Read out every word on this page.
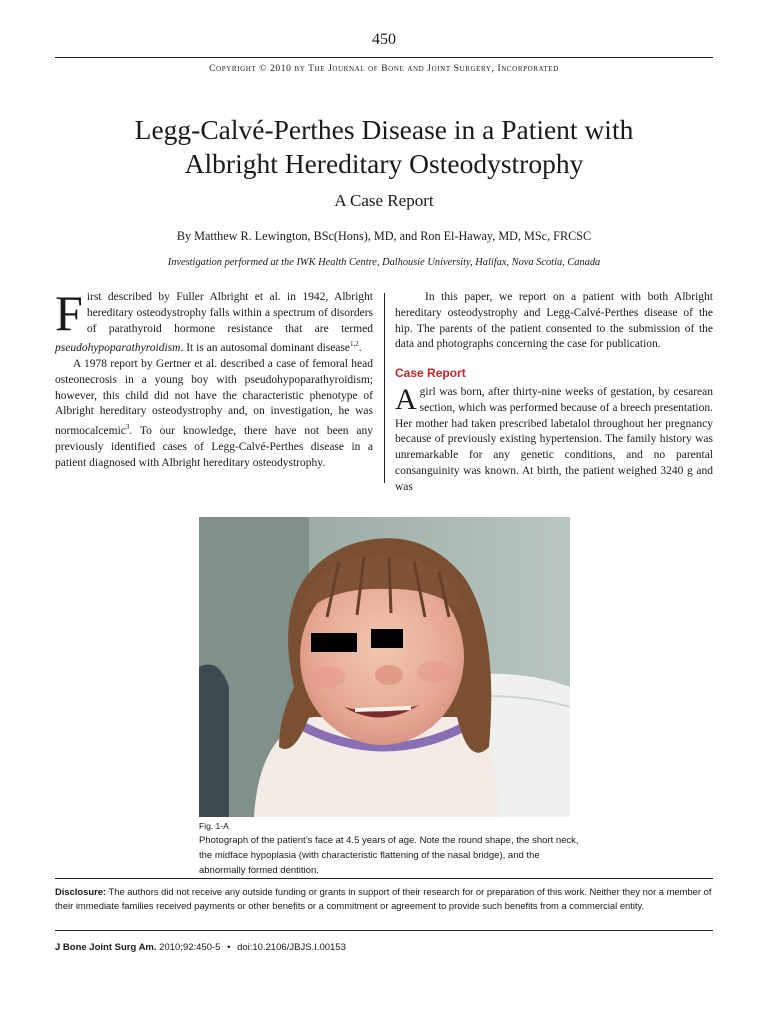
450
Copyright © 2010 by The Journal of Bone and Joint Surgery, Incorporated
Legg-Calvé-Perthes Disease in a Patient with
Albright Hereditary Osteodystrophy
A Case Report
By Matthew R. Lewington, BSc(Hons), MD, and Ron El-Haway, MD, MSc, FRCSC
Investigation performed at the IWK Health Centre, Dalhousie University, Halifax, Nova Scotia, Canada

First described by Fuller Albright et al. in 1942, Albright hereditary osteodystrophy falls within a spectrum of disorders of parathyroid hormone resistance that are termed pseudohypoparathyroidism. It is an autosomal dominant disease$^{1,2}$.

A 1978 report by Gertner et al. described a case of femoral head osteonecrosis in a young boy with pseudohypoparathyroidism; however, this child did not have the characteristic phenotype of Albright hereditary osteodystrophy and, on investigation, he was normocalcemic$^3$. To our knowledge, there have not been any previously identified cases of Legg-Calvé-Perthes disease in a patient diagnosed with Albright hereditary osteodystrophy.

In this paper, we report on a patient with both Albright hereditary osteodystrophy and Legg-Calvé-Perthes disease of the hip. The parents of the patient consented to the submission of the data and photographs concerning the case for publication.

Case Report

A girl was born, after thirty-nine weeks of gestation, by cesarean section, which was performed because of a breech presentation. Her mother had taken prescribed labetalol throughout her pregnancy because of previously existing hypertension. The family history was unremarkable for any genetic conditions, and no parental consanguinity was known. At birth, the patient weighed 3240 g and was

Fig. 1-A
Photograph of the patient’s face at 4.5 years of age. Note the round shape, the short neck, the midface hypoplasia (with characteristic flattening of the nasal bridge), and the abnormally formed dentition.
Disclosure: The authors did not receive any outside funding or grants in support of their research for or preparation of this work. Neither they nor a member of their immediate families received payments or other benefits or a commitment or agreement to provide such benefits from a commercial entity.
J Bone Joint Surg Am. 2010;92:450-5 • doi:10.2106/JBJS.I.00153
